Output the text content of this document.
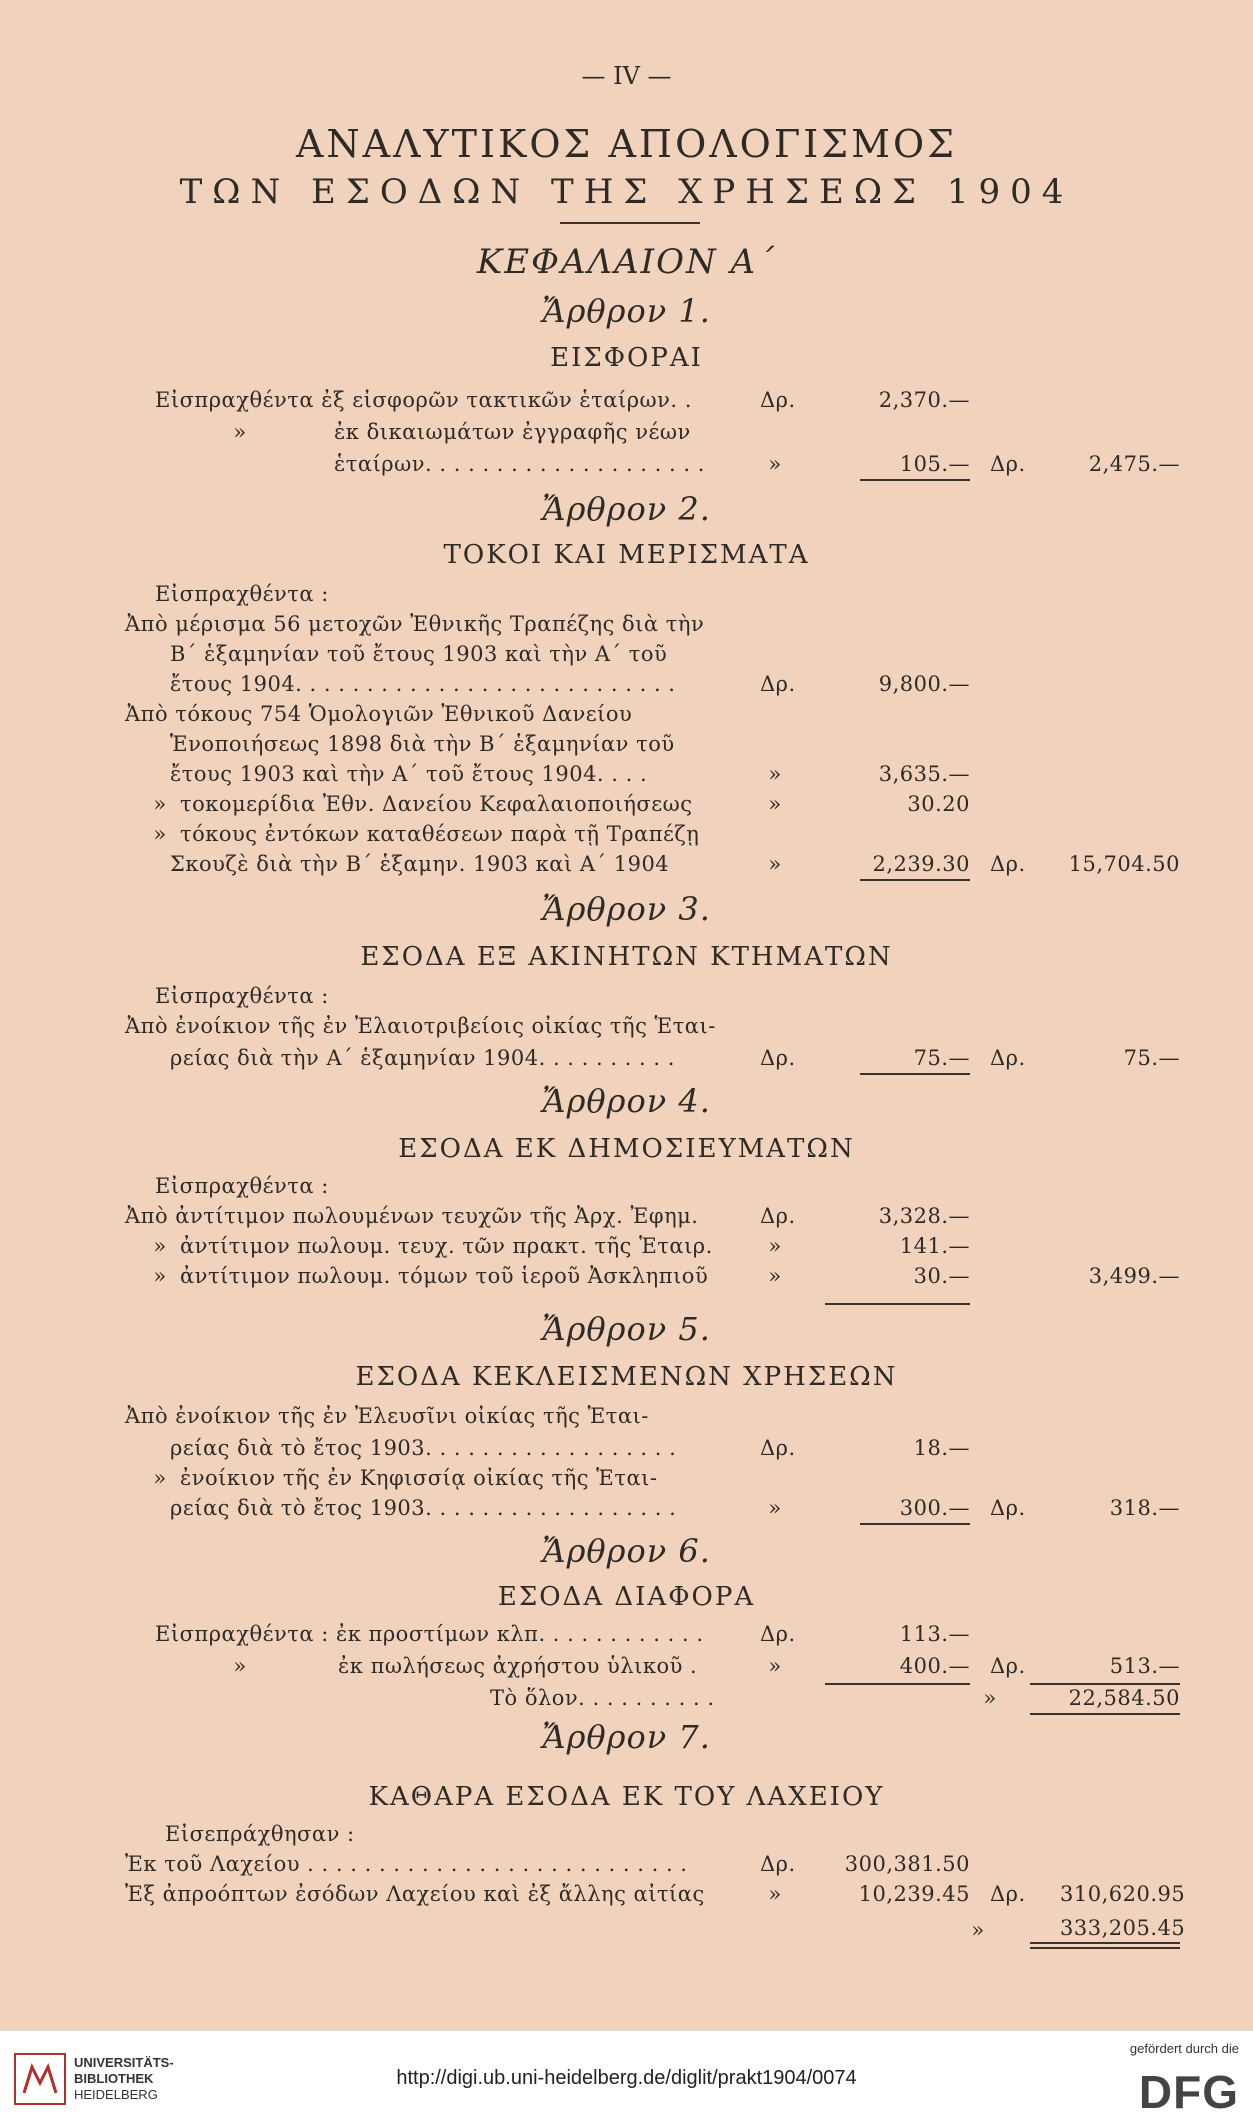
— IV —
ΑΝΑΛΥΤΙΚΟΣ ΑΠΟΛΟΓΙΣΜΟΣ
ΤΩΝ ΕΣΟΔΩΝ ΤΗΣ ΧΡΗΣΕΩΣ 1904
ΚΕΦΑΛΑΙΟΝ Α΄
Ἄρθρον 1.
ΕΙΣΦΟΡΑΙ
Εἰσπραχθέντα ἐξ εἰσφορῶν τακτικῶν ἑταίρων. .	Δρ.	2,370.—
»	ἐκ δικαιωμάτων ἐγγραφῆς νέων
ἑταίρων. . . . . . . . . . . . . . . . . . . .	»	105.— Δρ.	2,475.—
Ἄρθρον 2.
ΤΟΚΟΙ ΚΑΙ ΜΕΡΙΣΜΑΤΑ
Εἰσπραχθέντα :
Ἀπὸ μέρισμα 56 μετοχῶν Ἐθνικῆς Τραπέζης διὰ τὴν
Β΄ ἑξαμηνίαν τοῦ ἔτους 1903 καὶ τὴν Α΄ τοῦ
ἔτους 1904. . . . . . . . . . . . . . . . . . . . . . . . . . .	Δρ.	9,800.—
Ἀπὸ τόκους 754 Ὁμολογιῶν Ἐθνικοῦ Δανείου
Ἑνοποιήσεως 1898 διὰ τὴν Β΄ ἑξαμηνίαν τοῦ
ἔτους 1903 καὶ τὴν Α΄ τοῦ ἔτους 1904. . . .	»	3,635.—
» τοκομερίδια Ἐθν. Δανείου Κεφαλαιοποιήσεως	»	30.20
» τόκους ἐντόκων καταθέσεων παρὰ τῇ Τραπέζῃ
Σκουζὲ διὰ τὴν Β΄ ἑξαμην. 1903 καὶ Α΄ 1904	»	2,239.30 Δρ.	15,704.50
Ἄρθρον 3.
ΕΣΟΔΑ ΕΞ ΑΚΙΝΗΤΩΝ ΚΤΗΜΑΤΩΝ
Εἰσπραχθέντα :
Ἀπὸ ἐνοίκιον τῆς ἐν Ἐλαιοτριβείοις οἰκίας τῆς Ἑται-
ρείας διὰ τὴν Α΄ ἑξαμηνίαν 1904. . . . . . . . . .	Δρ.	75.— Δρ.	75.—
Ἄρθρον 4.
ΕΣΟΔΑ ΕΚ ΔΗΜΟΣΙΕΥΜΑΤΩΝ
Εἰσπραχθέντα :
Ἀπὸ ἀντίτιμον πωλουμένων τευχῶν τῆς Ἀρχ. Ἐφημ.	Δρ.	3,328.—
» ἀντίτιμον πωλουμ. τευχ. τῶν πρακτ. τῆς Ἑταιρ.	»	141.—
» ἀντίτιμον πωλουμ. τόμων τοῦ ἱεροῦ Ἀσκληπιοῦ	»	30.—	3,499.—
Ἄρθρον 5.
ΕΣΟΔΑ ΚΕΚΛΕΙΣΜΕΝΩΝ ΧΡΗΣΕΩΝ
Ἀπὸ ἐνοίκιον τῆς ἐν Ἐλευσῖνι οἰκίας τῆς Ἑται-
ρείας διὰ τὸ ἔτος 1903. . . . . . . . . . . . . . . . . .	Δρ.	18.—
» ἐνοίκιον τῆς ἐν Κηφισσίᾳ οἰκίας τῆς Ἑται-
ρείας διὰ τὸ ἔτος 1903. . . . . . . . . . . . . . . . . .	»	300.— Δρ.	318.—
Ἄρθρον 6.
ΕΣΟΔΑ ΔΙΑΦΟΡΑ
Εἰσπραχθέντα : ἐκ προστίμων κλπ. . . . . . . . . . . .	Δρ.	113.—
»	ἐκ πωλήσεως ἀχρήστου ὑλικοῦ .	»	400.— Δρ.	513.—
Τὸ ὅλον. . . . . . . . . .	»	22,584.50
Ἄρθρον 7.
ΚΑΘΑΡΑ ΕΣΟΔΑ ΕΚ ΤΟΥ ΛΑΧΕΙΟΥ
Εἰσεπράχθησαν :
Ἐκ τοῦ Λαχείου . . . . . . . . . . . . . . . . . . . . . . . . . . .	Δρ.	300,381.50
Ἐξ ἀπροόπτων ἐσόδων Λαχείου καὶ ἐξ ἄλλης αἰτίας	»	10,239.45 Δρ. 310,620.95
»	333,205.45
UNIVERSITÄTS-
BIBLIOTHEK
HEIDELBERG
http://digi.ub.uni-heidelberg.de/diglit/prakt1904/0074
gefördert durch die
DFG
